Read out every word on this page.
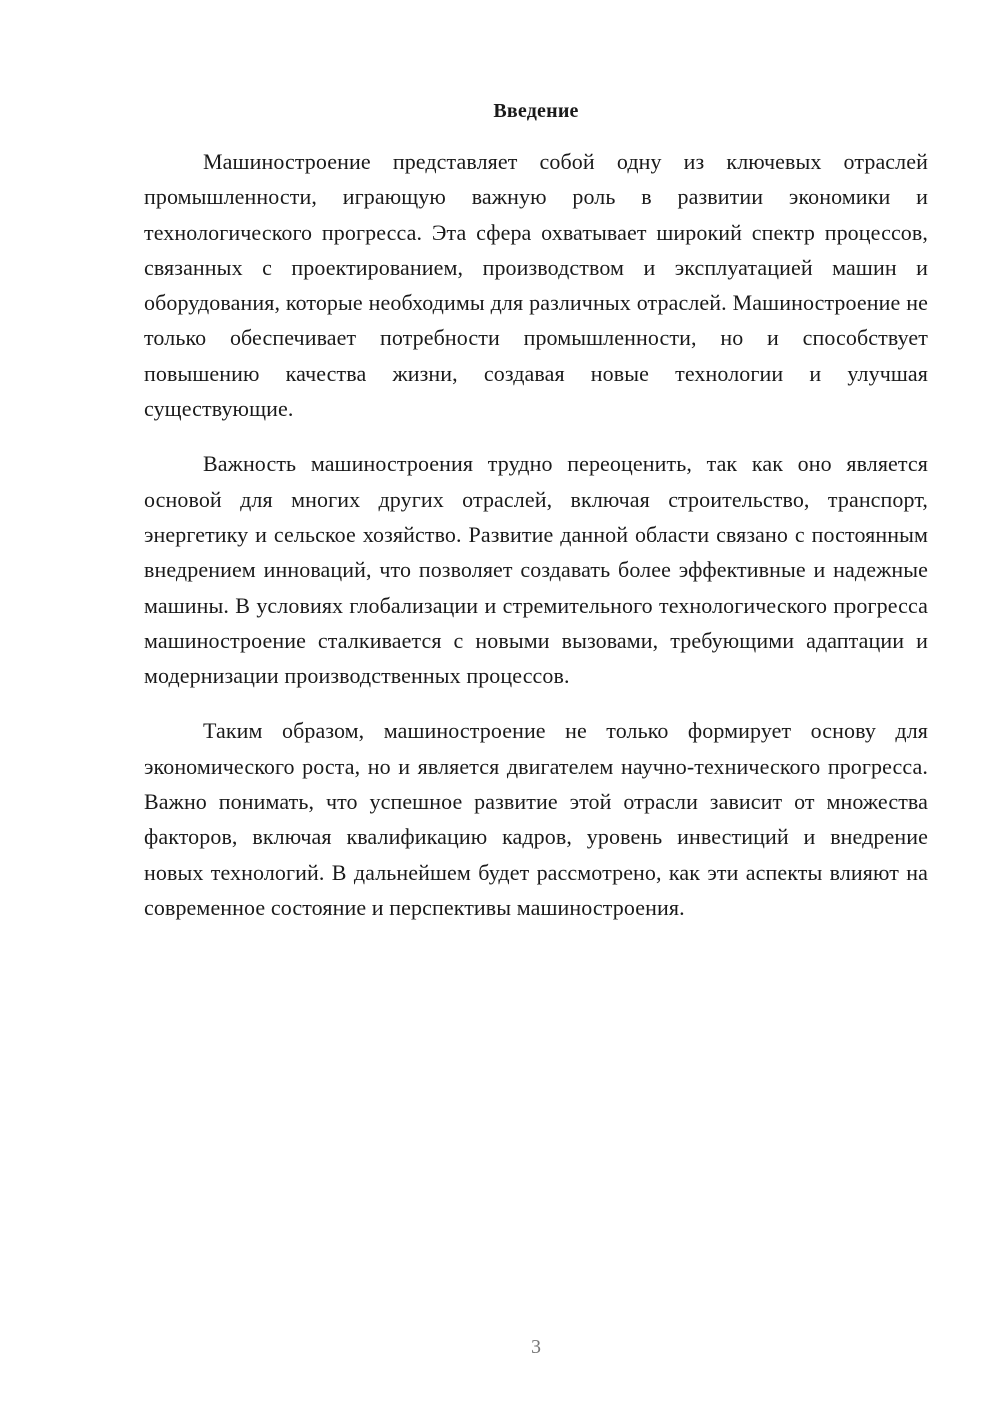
Введение

Машиностроение представляет собой одну из ключевых отраслей промышленности, играющую важную роль в развитии экономики и технологического прогресса. Эта сфера охватывает широкий спектр процессов, связанных с проектированием, производством и эксплуатацией машин и оборудования, которые необходимы для различных отраслей. Машиностроение не только обеспечивает потребности промышленности, но и способствует повышению качества жизни, создавая новые технологии и улучшая существующие.

Важность машиностроения трудно переоценить, так как оно является основой для многих других отраслей, включая строительство, транспорт, энергетику и сельское хозяйство. Развитие данной области связано с постоянным внедрением инноваций, что позволяет создавать более эффективные и надежные машины. В условиях глобализации и стремительного технологического прогресса машиностроение сталкивается с новыми вызовами, требующими адаптации и модернизации производственных процессов.

Таким образом, машиностроение не только формирует основу для экономического роста, но и является двигателем научно-технического прогресса. Важно понимать, что успешное развитие этой отрасли зависит от множества факторов, включая квалификацию кадров, уровень инвестиций и внедрение новых технологий. В дальнейшем будет рассмотрено, как эти аспекты влияют на современное состояние и перспективы машиностроения.

3
